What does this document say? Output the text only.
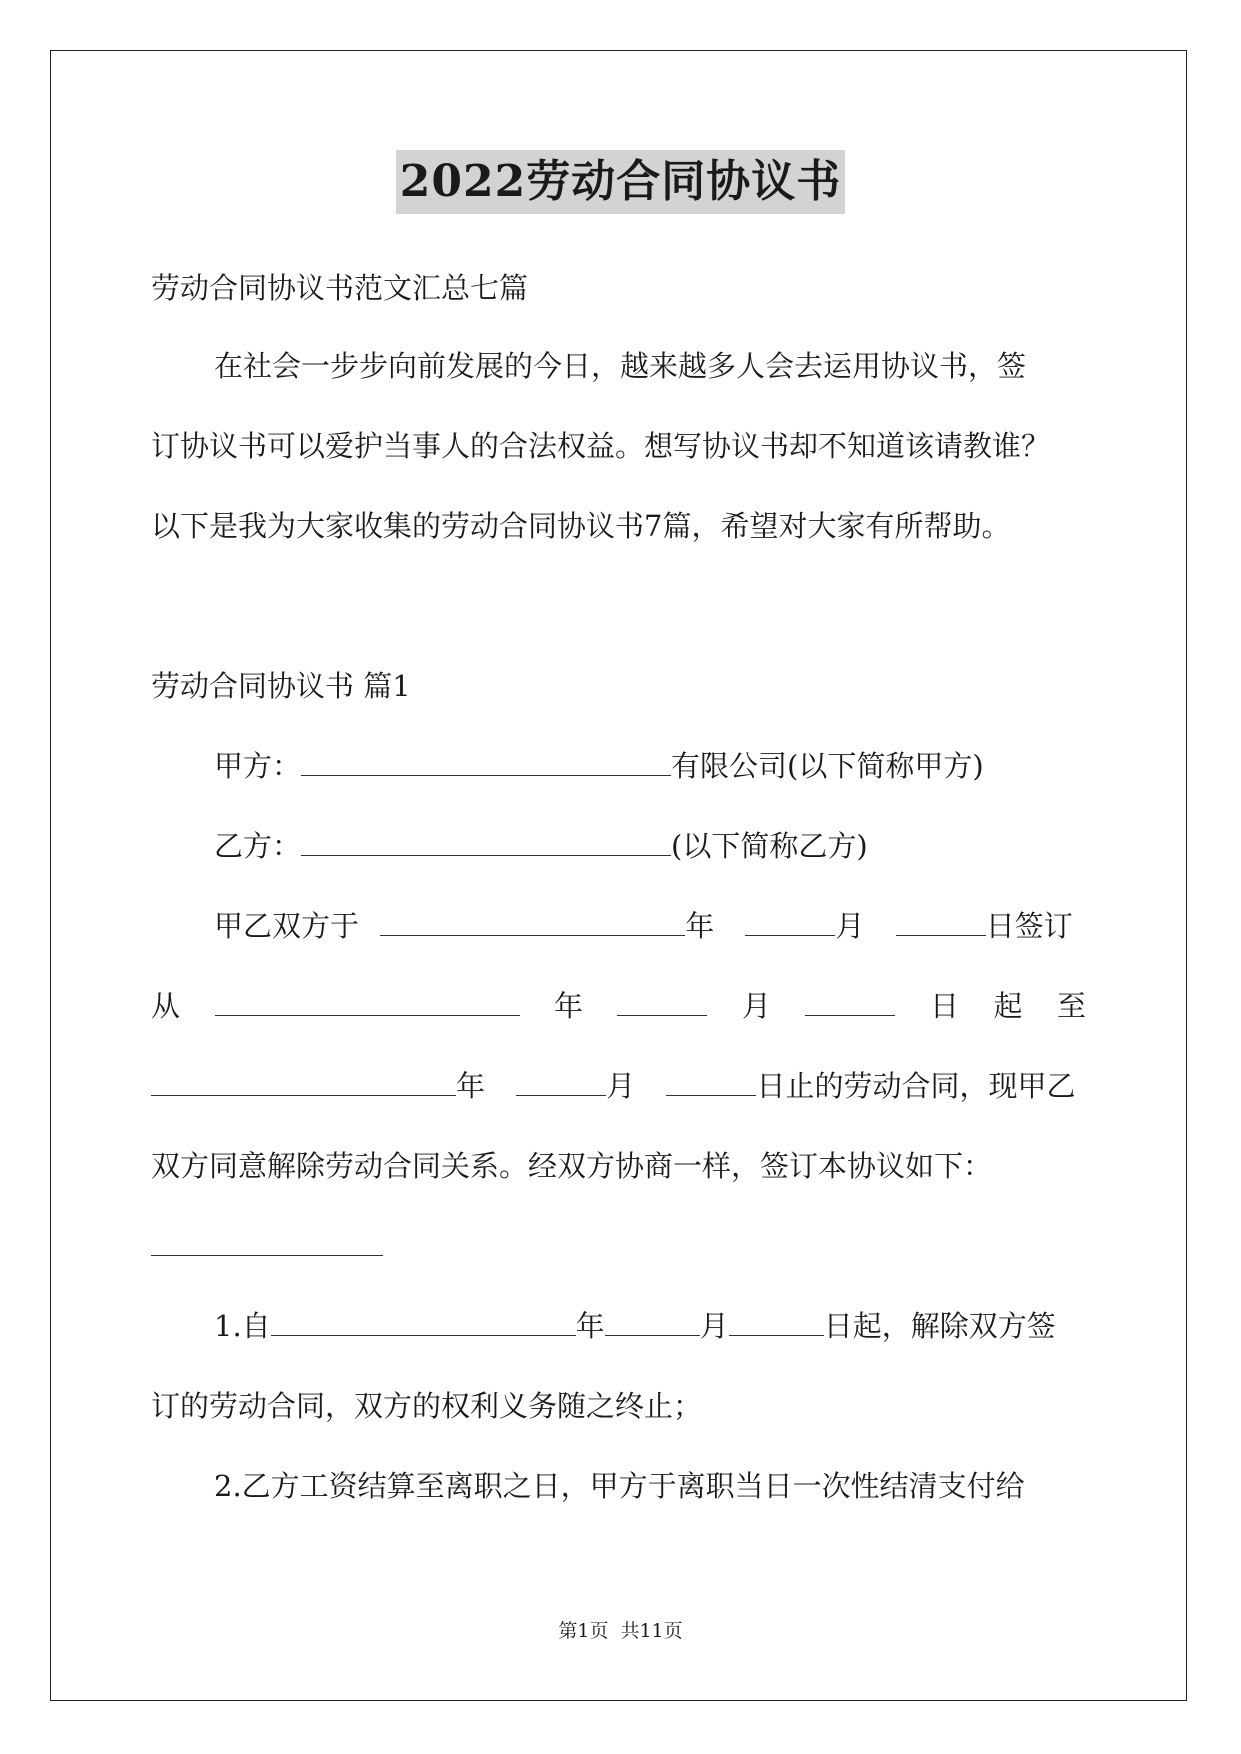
2022劳动合同协议书
劳动合同协议书范文汇总七篇
在社会一步步向前发展的今日，越来越多人会去运用协议书，签
订协议书可以爱护当事人的合法权益。想写协议书却不知道该请教谁？
以下是我为大家收集的劳动合同协议书7篇，希望对大家有所帮助。
劳动合同协议书 篇1
甲方：	有限公司(以下简称甲方)
乙方：	(以下简称乙方)
甲乙双方于	年	月	日签订
从	年	月	日 起 至
年	月	日止的劳动合同，现甲乙
双方同意解除劳动合同关系。经双方协商一样，签订本协议如下：
1.自	年	月	日起，解除双方签
订的劳动合同，双方的权利义务随之终止；
2.乙方工资结算至离职之日，甲方于离职当日一次性结清支付给
第1页 共11页
